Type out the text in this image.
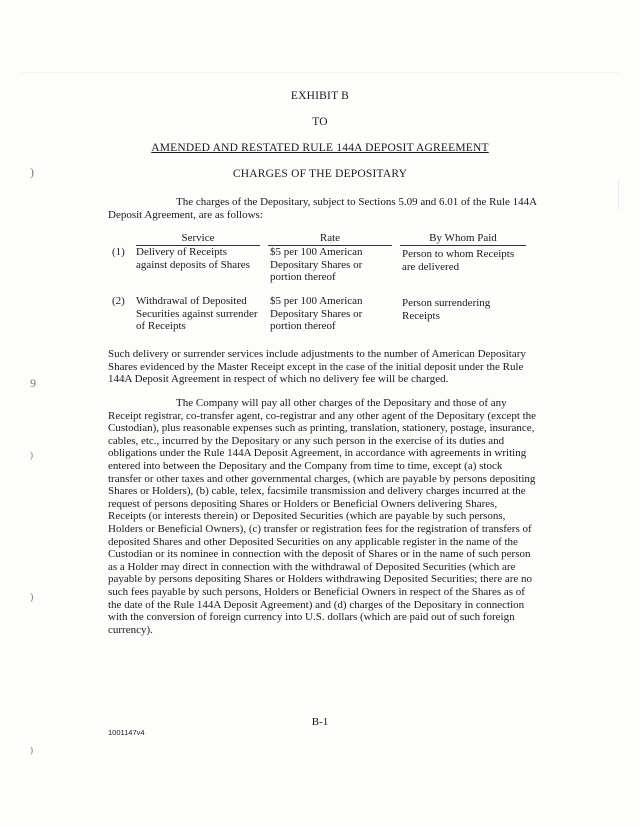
)
9
)
)
)
EXHIBIT B
TO
AMENDED AND RESTATED RULE 144A DEPOSIT AGREEMENT
CHARGES OF THE DEPOSITARY
The charges of the Depositary, subject to Sections 5.09 and 6.01 of the Rule 144A
Deposit Agreement, are as follows:
Service	Rate	By Whom Paid
(1) Delivery of Receipts
against deposits of Shares
$5 per 100 American
Depositary Shares or
portion thereof
Person to whom Receipts
are delivered
(2) Withdrawal of Deposited
Securities against surrender
of Receipts
$5 per 100 American
Depositary Shares or
portion thereof
Person surrendering
Receipts
Such delivery or surrender services include adjustments to the number of American Depositary
Shares evidenced by the Master Receipt except in the case of the initial deposit under the Rule
144A Deposit Agreement in respect of which no delivery fee will be charged.
The Company will pay all other charges of the Depositary and those of any
Receipt registrar, co-transfer agent, co-registrar and any other agent of the Depositary (except the
Custodian), plus reasonable expenses such as printing, translation, stationery, postage, insurance,
cables, etc., incurred by the Depositary or any such person in the exercise of its duties and
obligations under the Rule 144A Deposit Agreement, in accordance with agreements in writing
entered into between the Depositary and the Company from time to time, except (a) stock
transfer or other taxes and other governmental charges, (which are payable by persons depositing
Shares or Holders), (b) cable, telex, facsimile transmission and delivery charges incurred at the
request of persons depositing Shares or Holders or Beneficial Owners delivering Shares,
Receipts (or interests therein) or Deposited Securities (which are payable by such persons,
Holders or Beneficial Owners), (c) transfer or registration fees for the registration of transfers of
deposited Shares and other Deposited Securities on any applicable register in the name of the
Custodian or its nominee in connection with the deposit of Shares or in the name of such person
as a Holder may direct in connection with the withdrawal of Deposited Securities (which are
payable by persons depositing Shares or Holders withdrawing Deposited Securities; there are no
such fees payable by such persons, Holders or Beneficial Owners in respect of the Shares as of
the date of the Rule 144A Deposit Agreement) and (d) charges of the Depositary in connection
with the conversion of foreign currency into U.S. dollars (which are paid out of such foreign
currency).
B-1
1001147v4
